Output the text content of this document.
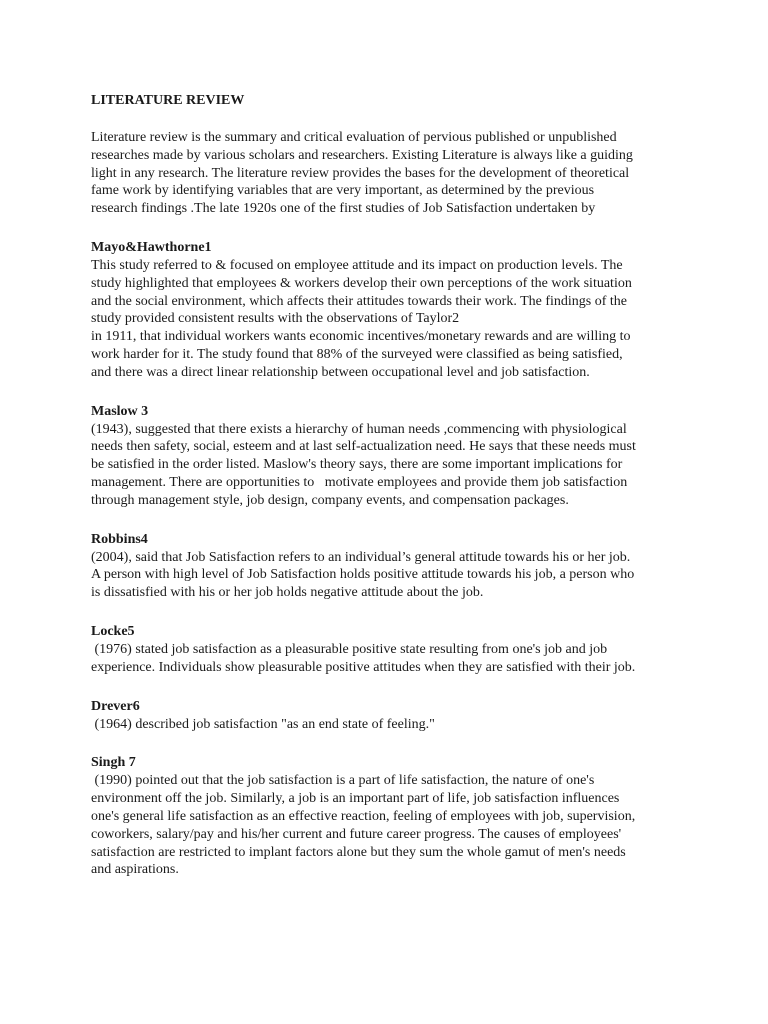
LITERATURE REVIEW

Literature review is the summary and critical evaluation of pervious published or unpublished
researches made by various scholars and researchers. Existing Literature is always like a guiding
light in any research. The literature review provides the bases for the development of theoretical
fame work by identifying variables that are very important, as determined by the previous
research findings .The late 1920s one of the first studies of Job Satisfaction undertaken by

Mayo&Hawthorne1

This study referred to & focused on employee attitude and its impact on production levels. The
study highlighted that employees & workers develop their own perceptions of the work situation
and the social environment, which affects their attitudes towards their work. The findings of the
study provided consistent results with the observations of Taylor2
in 1911, that individual workers wants economic incentives/monetary rewards and are willing to
work harder for it. The study found that 88% of the surveyed were classified as being satisfied,
and there was a direct linear relationship between occupational level and job satisfaction.

Maslow 3

(1943), suggested that there exists a hierarchy of human needs ,commencing with physiological
needs then safety, social, esteem and at last self-actualization need. He says that these needs must
be satisfied in the order listed. Maslow's theory says, there are some important implications for
management. There are opportunities to   motivate employees and provide them job satisfaction
through management style, job design, company events, and compensation packages.

Robbins4

(2004), said that Job Satisfaction refers to an individual’s general attitude towards his or her job.
A person with high level of Job Satisfaction holds positive attitude towards his job, a person who
is dissatisfied with his or her job holds negative attitude about the job.

Locke5

(1976) stated job satisfaction as a pleasurable positive state resulting from one's job and job
experience. Individuals show pleasurable positive attitudes when they are satisfied with their job.

Drever6

(1964) described job satisfaction "as an end state of feeling."

Singh 7

(1990) pointed out that the job satisfaction is a part of life satisfaction, the nature of one's
environment off the job. Similarly, a job is an important part of life, job satisfaction influences
one's general life satisfaction as an effective reaction, feeling of employees with job, supervision,
coworkers, salary/pay and his/her current and future career progress. The causes of employees'
satisfaction are restricted to implant factors alone but they sum the whole gamut of men's needs
and aspirations.
